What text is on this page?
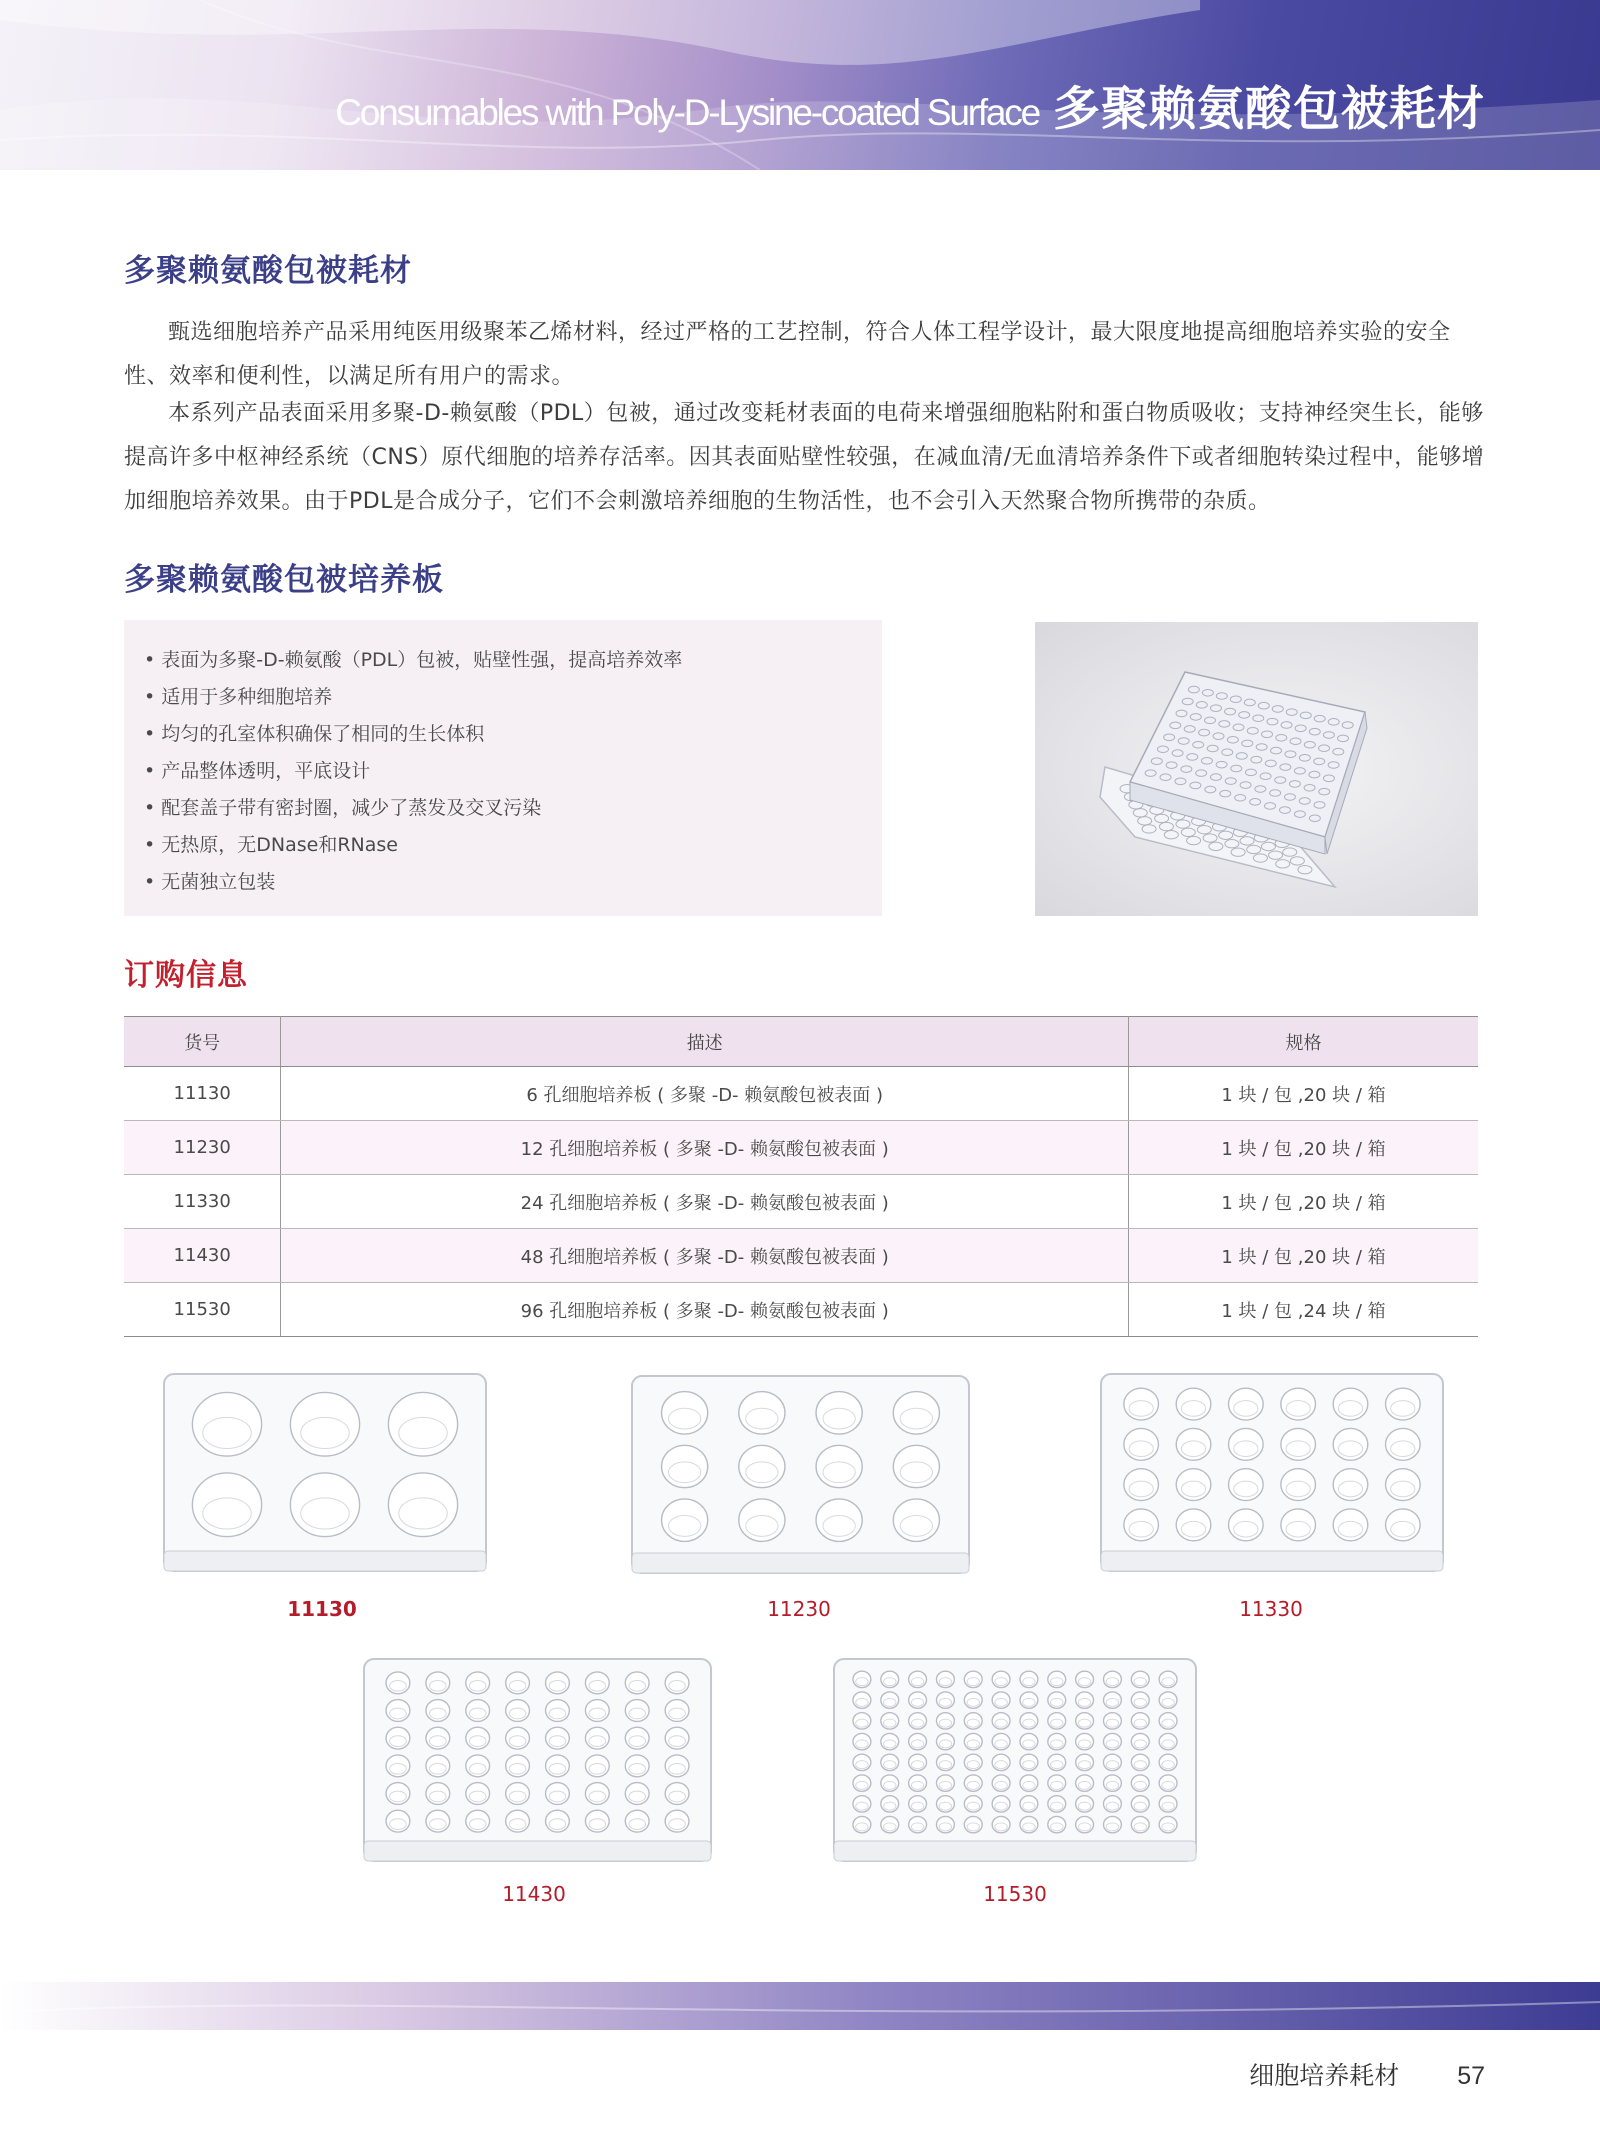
Consumables with Poly-D-Lysine-coated Surface 多聚赖氨酸包被耗材
多聚赖氨酸包被耗材

甄选细胞培养产品采用纯医用级聚苯乙烯材料，经过严格的工艺控制，符合人体工程学设计，最大限度地提高细胞培养实验的安全性、效率和便利性，以满足所有用户的需求。

本系列产品表面采用多聚-D-赖氨酸（PDL）包被，通过改变耗材表面的电荷来增强细胞粘附和蛋白物质吸收；支持神经突生长，能够提高许多中枢神经系统（CNS）原代细胞的培养存活率。因其表面贴壁性较强，在减血清/无血清培养条件下或者细胞转染过程中，能够增加细胞培养效果。由于PDL是合成分子，它们不会刺激培养细胞的生物活性，也不会引入天然聚合物所携带的杂质。

多聚赖氨酸包被培养板
• 表面为多聚-D-赖氨酸（PDL）包被，贴壁性强，提高培养效率
• 适用于多种细胞培养
• 均匀的孔室体积确保了相同的生长体积
• 产品整体透明，平底设计
• 配套盖子带有密封圈，减少了蒸发及交叉污染
• 无热原，无DNase和RNase
• 无菌独立包装
订购信息
货号	描述	规格
11130	6 孔细胞培养板 ( 多聚 -D- 赖氨酸包被表面 )	1 块 / 包 ,20 块 / 箱
11230	12 孔细胞培养板 ( 多聚 -D- 赖氨酸包被表面 )	1 块 / 包 ,20 块 / 箱
11330	24 孔细胞培养板 ( 多聚 -D- 赖氨酸包被表面 )	1 块 / 包 ,20 块 / 箱
11430	48 孔细胞培养板 ( 多聚 -D- 赖氨酸包被表面 )	1 块 / 包 ,20 块 / 箱
11530	96 孔细胞培养板 ( 多聚 -D- 赖氨酸包被表面 )	1 块 / 包 ,24 块 / 箱
11130	11230	11330
11430	11530
细胞培养耗材 57
